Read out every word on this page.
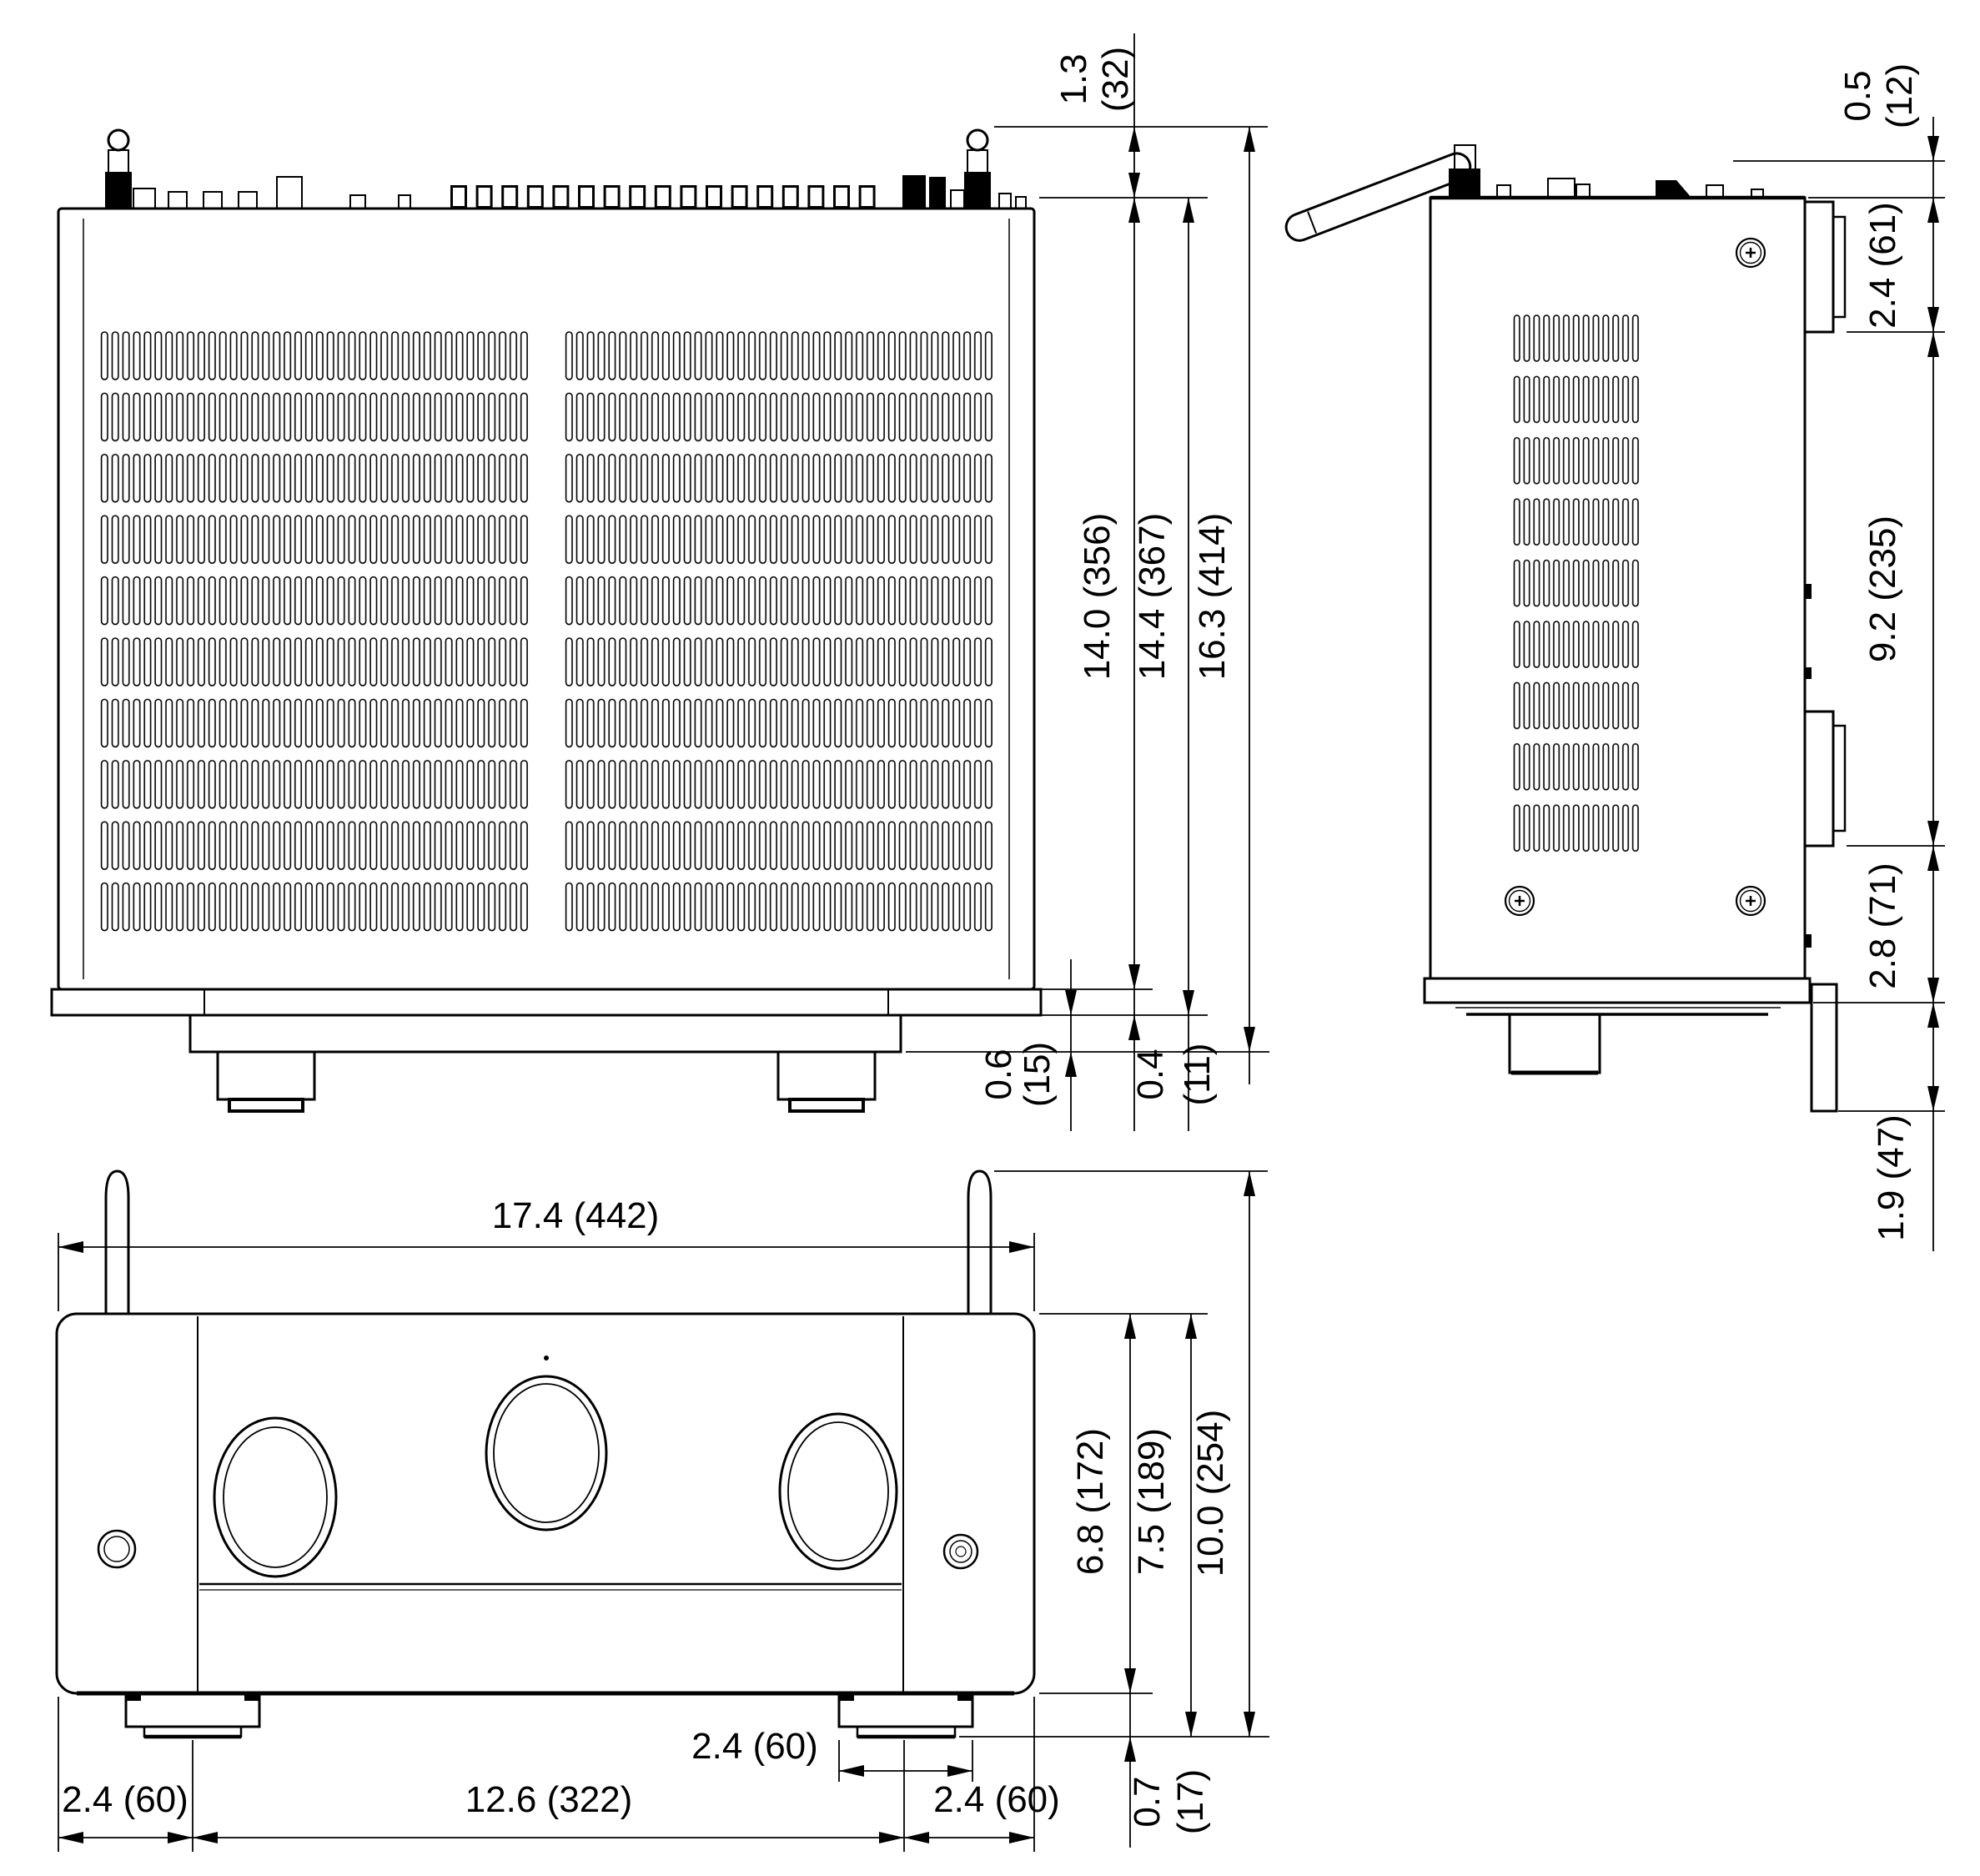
1.3 (32)
14.0 (356) 14.4 (367) 16.3 (414)
0.6
(15) 0.4 (11)
0.5 (12)
2.4 (61)
9.2 (235)
2.8 (71)
1.9 (47)
17.4 (442)
6.8 (172) 7.5 (189) 10.0 (254)
0.7 (17)
2.4 (60)
2.4 (60)	12.6 (322)	2.4 (60)
